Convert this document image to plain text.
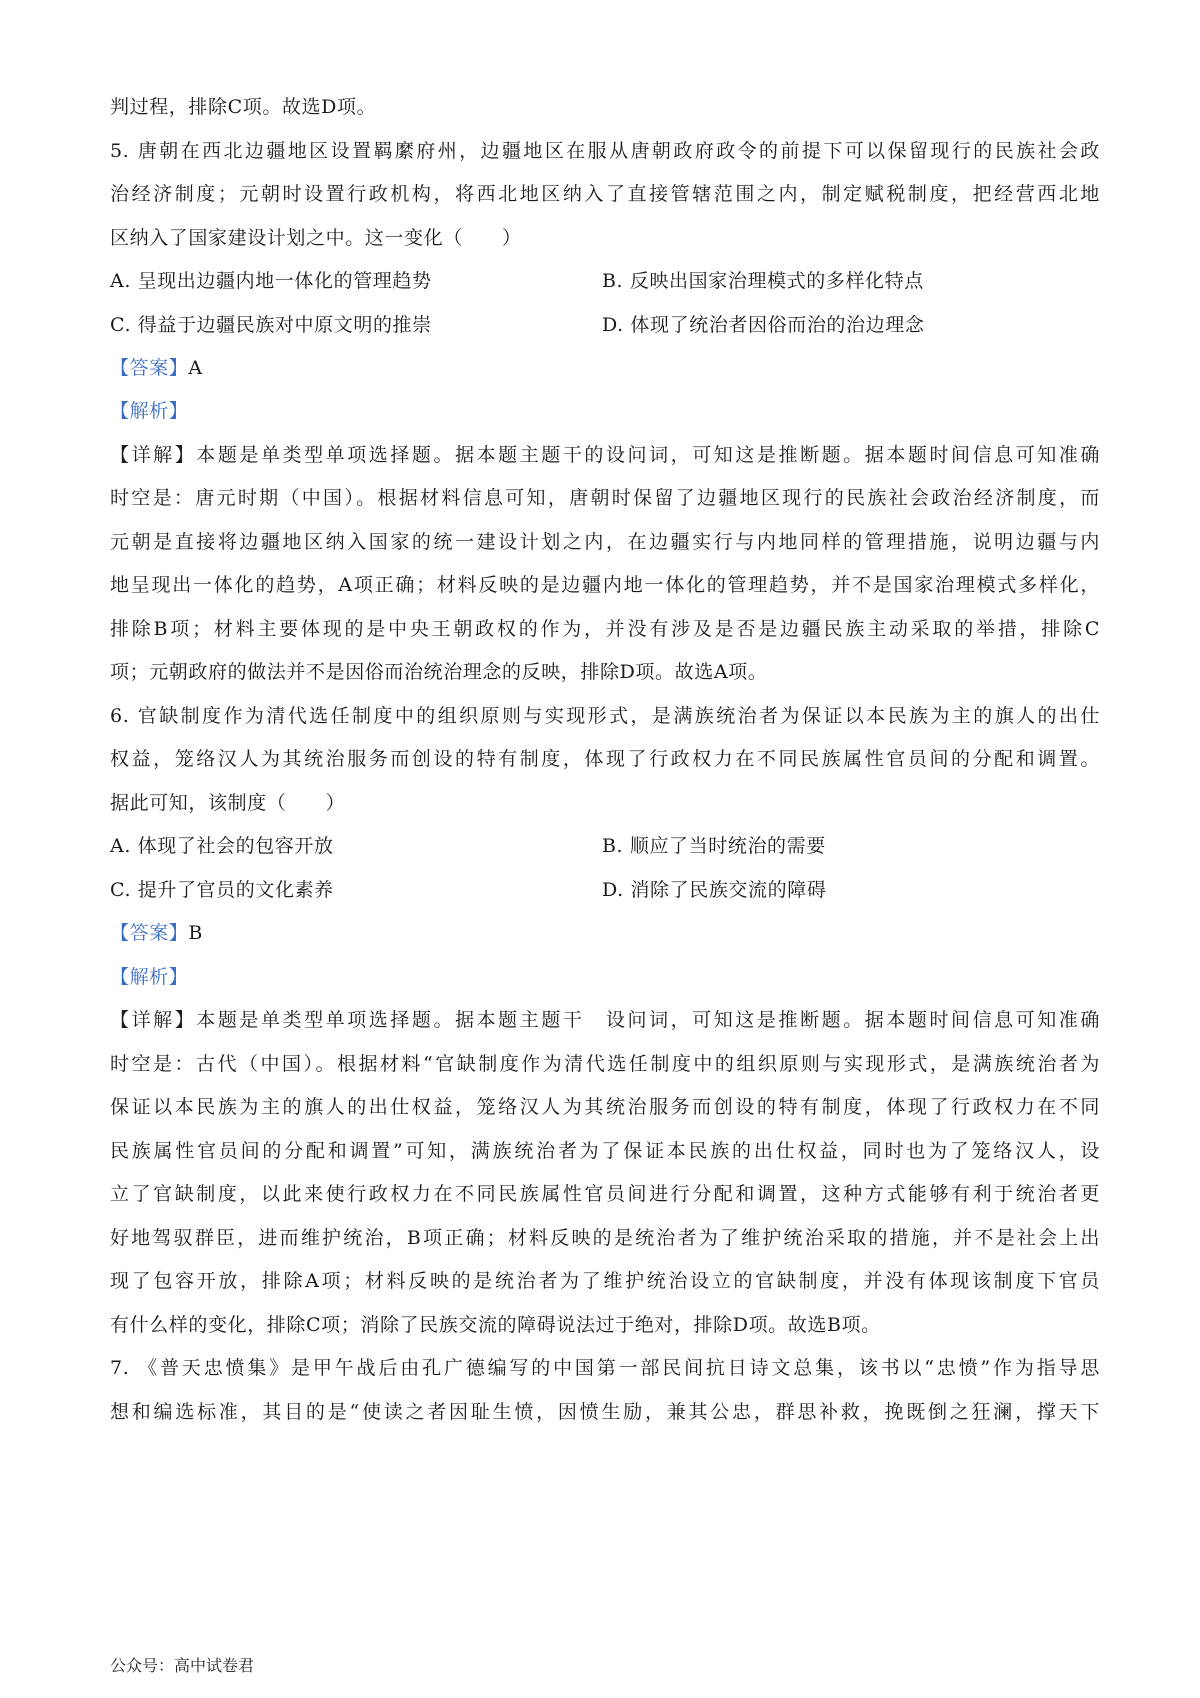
判过程，排除C项。故选D项。
5. 唐朝在西北边疆地区设置羁縻府州，边疆地区在服从唐朝政府政令的前提下可以保留现行的民族社会政
治经济制度；元朝时设置行政机构，将西北地区纳入了直接管辖范围之内，制定赋税制度，把经营西北地
区纳入了国家建设计划之中。这一变化（　　）
A. 呈现出边疆内地一体化的管理趋势	B. 反映出国家治理模式的多样化特点
C. 得益于边疆民族对中原文明的推崇	D. 体现了统治者因俗而治的治边理念
【答案】A
【解析】
【详解】本题是单类型单项选择题。据本题主题干的设问词，可知这是推断题。据本题时间信息可知准确
时空是：唐元时期（中国）。根据材料信息可知，唐朝时保留了边疆地区现行的民族社会政治经济制度，而
元朝是直接将边疆地区纳入国家的统一建设计划之内，在边疆实行与内地同样的管理措施，说明边疆与内
地呈现出一体化的趋势，A项正确；材料反映的是边疆内地一体化的管理趋势，并不是国家治理模式多样化，
排除B项；材料主要体现的是中央王朝政权的作为，并没有涉及是否是边疆民族主动采取的举措，排除C
项；元朝政府的做法并不是因俗而治统治理念的反映，排除D项。故选A项。
6. 官缺制度作为清代选任制度中的组织原则与实现形式，是满族统治者为保证以本民族为主的旗人的出仕
权益，笼络汉人为其统治服务而创设的特有制度，体现了行政权力在不同民族属性官员间的分配和调置。
据此可知，该制度（　　）
A. 体现了社会的包容开放	B. 顺应了当时统治的需要
C. 提升了官员的文化素养	D. 消除了民族交流的障碍
【答案】B
【解析】
【详解】本题是单类型单项选择题。据本题主题干　设问词，可知这是推断题。据本题时间信息可知准确
时空是：古代（中国）。根据材料“官缺制度作为清代选任制度中的组织原则与实现形式，是满族统治者为
保证以本民族为主的旗人的出仕权益，笼络汉人为其统治服务而创设的特有制度，体现了行政权力在不同
民族属性官员间的分配和调置”可知，满族统治者为了保证本民族的出仕权益，同时也为了笼络汉人，设
立了官缺制度，以此来使行政权力在不同民族属性官员间进行分配和调置，这种方式能够有利于统治者更
好地驾驭群臣，进而维护统治，B项正确；材料反映的是统治者为了维护统治采取的措施，并不是社会上出
现了包容开放，排除A项；材料反映的是统治者为了维护统治设立的官缺制度，并没有体现该制度下官员
有什么样的变化，排除C项；消除了民族交流的障碍说法过于绝对，排除D项。故选B项。
7. 《普天忠愤集》是甲午战后由孔广德编写的中国第一部民间抗日诗文总集，该书以“忠愤”作为指导思
想和编选标准，其目的是“使读之者因耻生愤，因愤生励，兼其公忠，群思补救，挽既倒之狂澜，撑天下
公众号：高中试卷君
